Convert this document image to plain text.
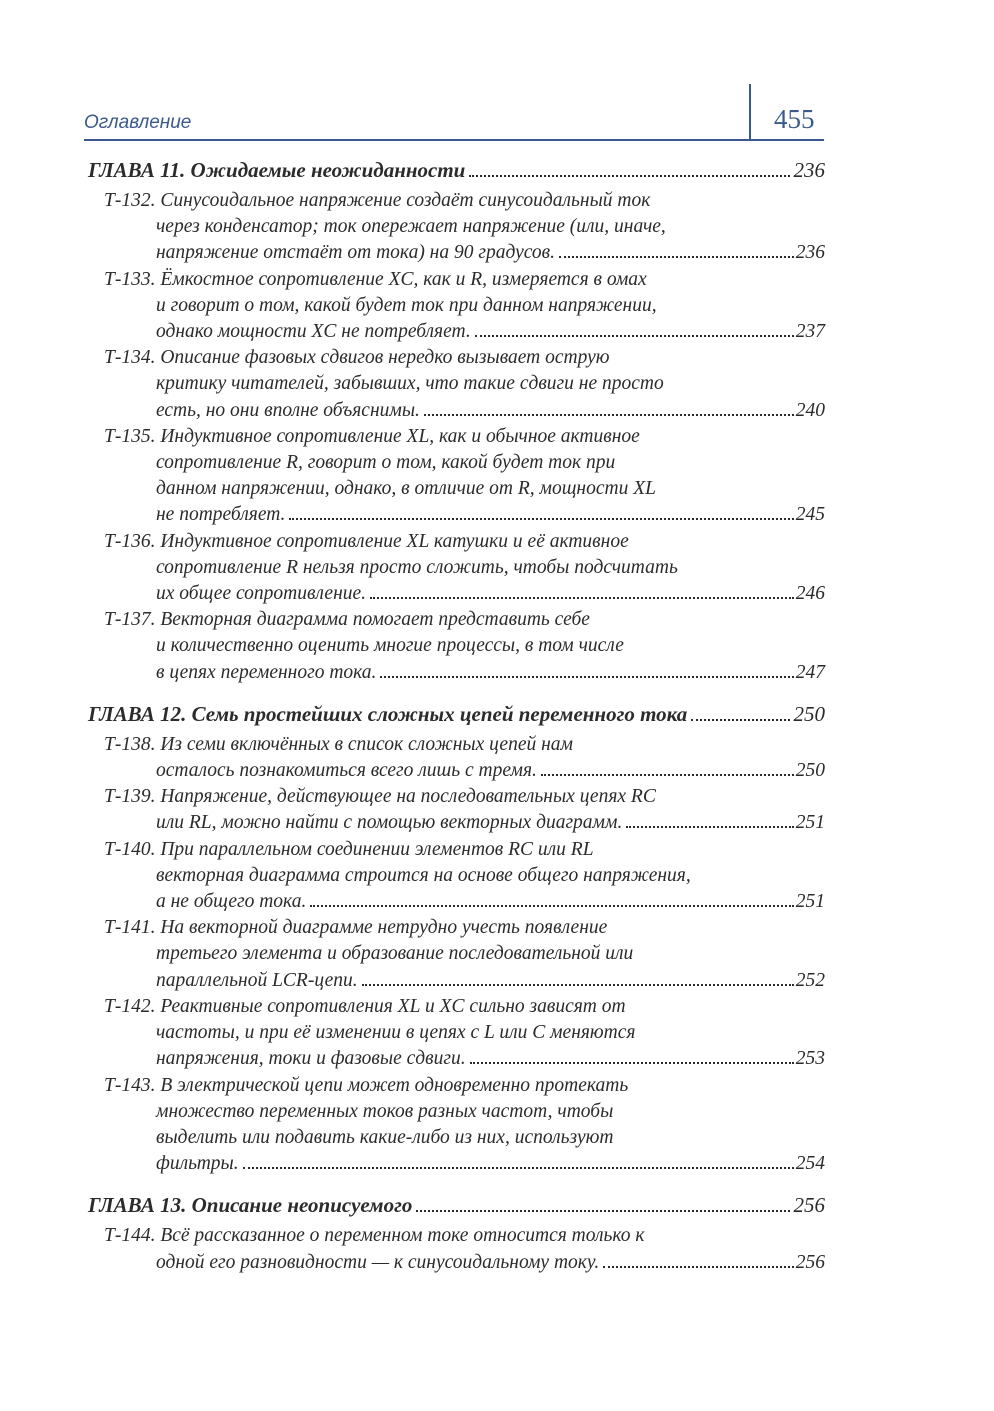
Оглавление	455
ГЛАВА 11. Ожидаемые неожиданности	236
Т-132. Синусоидальное напряжение создаёт синусоидальный ток
через конденсатор; ток опережает напряжение (или, иначе,
напряжение отстаёт от тока) на 90 градусов.	236
Т-133. Ёмкостное сопротивление XC, как и R, измеряется в омах
и говорит о том, какой будет ток при данном напряжении,
однако мощности XC не потребляет.	237
Т-134. Описание фазовых сдвигов нередко вызывает острую
критику читателей, забывших, что такие сдвиги не просто
есть, но они вполне объяснимы.	240
Т-135. Индуктивное сопротивление XL, как и обычное активное
сопротивление R, говорит о том, какой будет ток при
данном напряжении, однако, в отличие от R, мощности XL
не потребляет.	245
Т-136. Индуктивное сопротивление XL катушки и её активное
сопротивление R нельзя просто сложить, чтобы подсчитать
их общее сопротивление.	246
Т-137. Векторная диаграмма помогает представить себе
и количественно оценить многие процессы, в том числе
в цепях переменного тока.	247
ГЛАВА 12. Семь простейших сложных цепей переменного тока	250
Т-138. Из семи включённых в список сложных цепей нам
осталось познакомиться всего лишь с тремя.	250
Т-139. Напряжение, действующее на последовательных цепях RC
или RL, можно найти с помощью векторных диаграмм.	251
Т-140. При параллельном соединении элементов RC или RL
векторная диаграмма строится на основе общего напряжения,
а не общего тока.	251
Т-141. На векторной диаграмме нетрудно учесть появление
третьего элемента и образование последовательной или
параллельной LCR-цепи.	252
Т-142. Реактивные сопротивления XL и XC сильно зависят от
частоты, и при её изменении в цепях с L или C меняются
напряжения, токи и фазовые сдвиги.	253
Т-143. В электрической цепи может одновременно протекать
множество переменных токов разных частот, чтобы
выделить или подавить какие-либо из них, используют
фильтры.	254
ГЛАВА 13. Описание неописуемого	256
Т-144. Всё рассказанное о переменном токе относится только к
одной его разновидности — к синусоидальному току.	256
